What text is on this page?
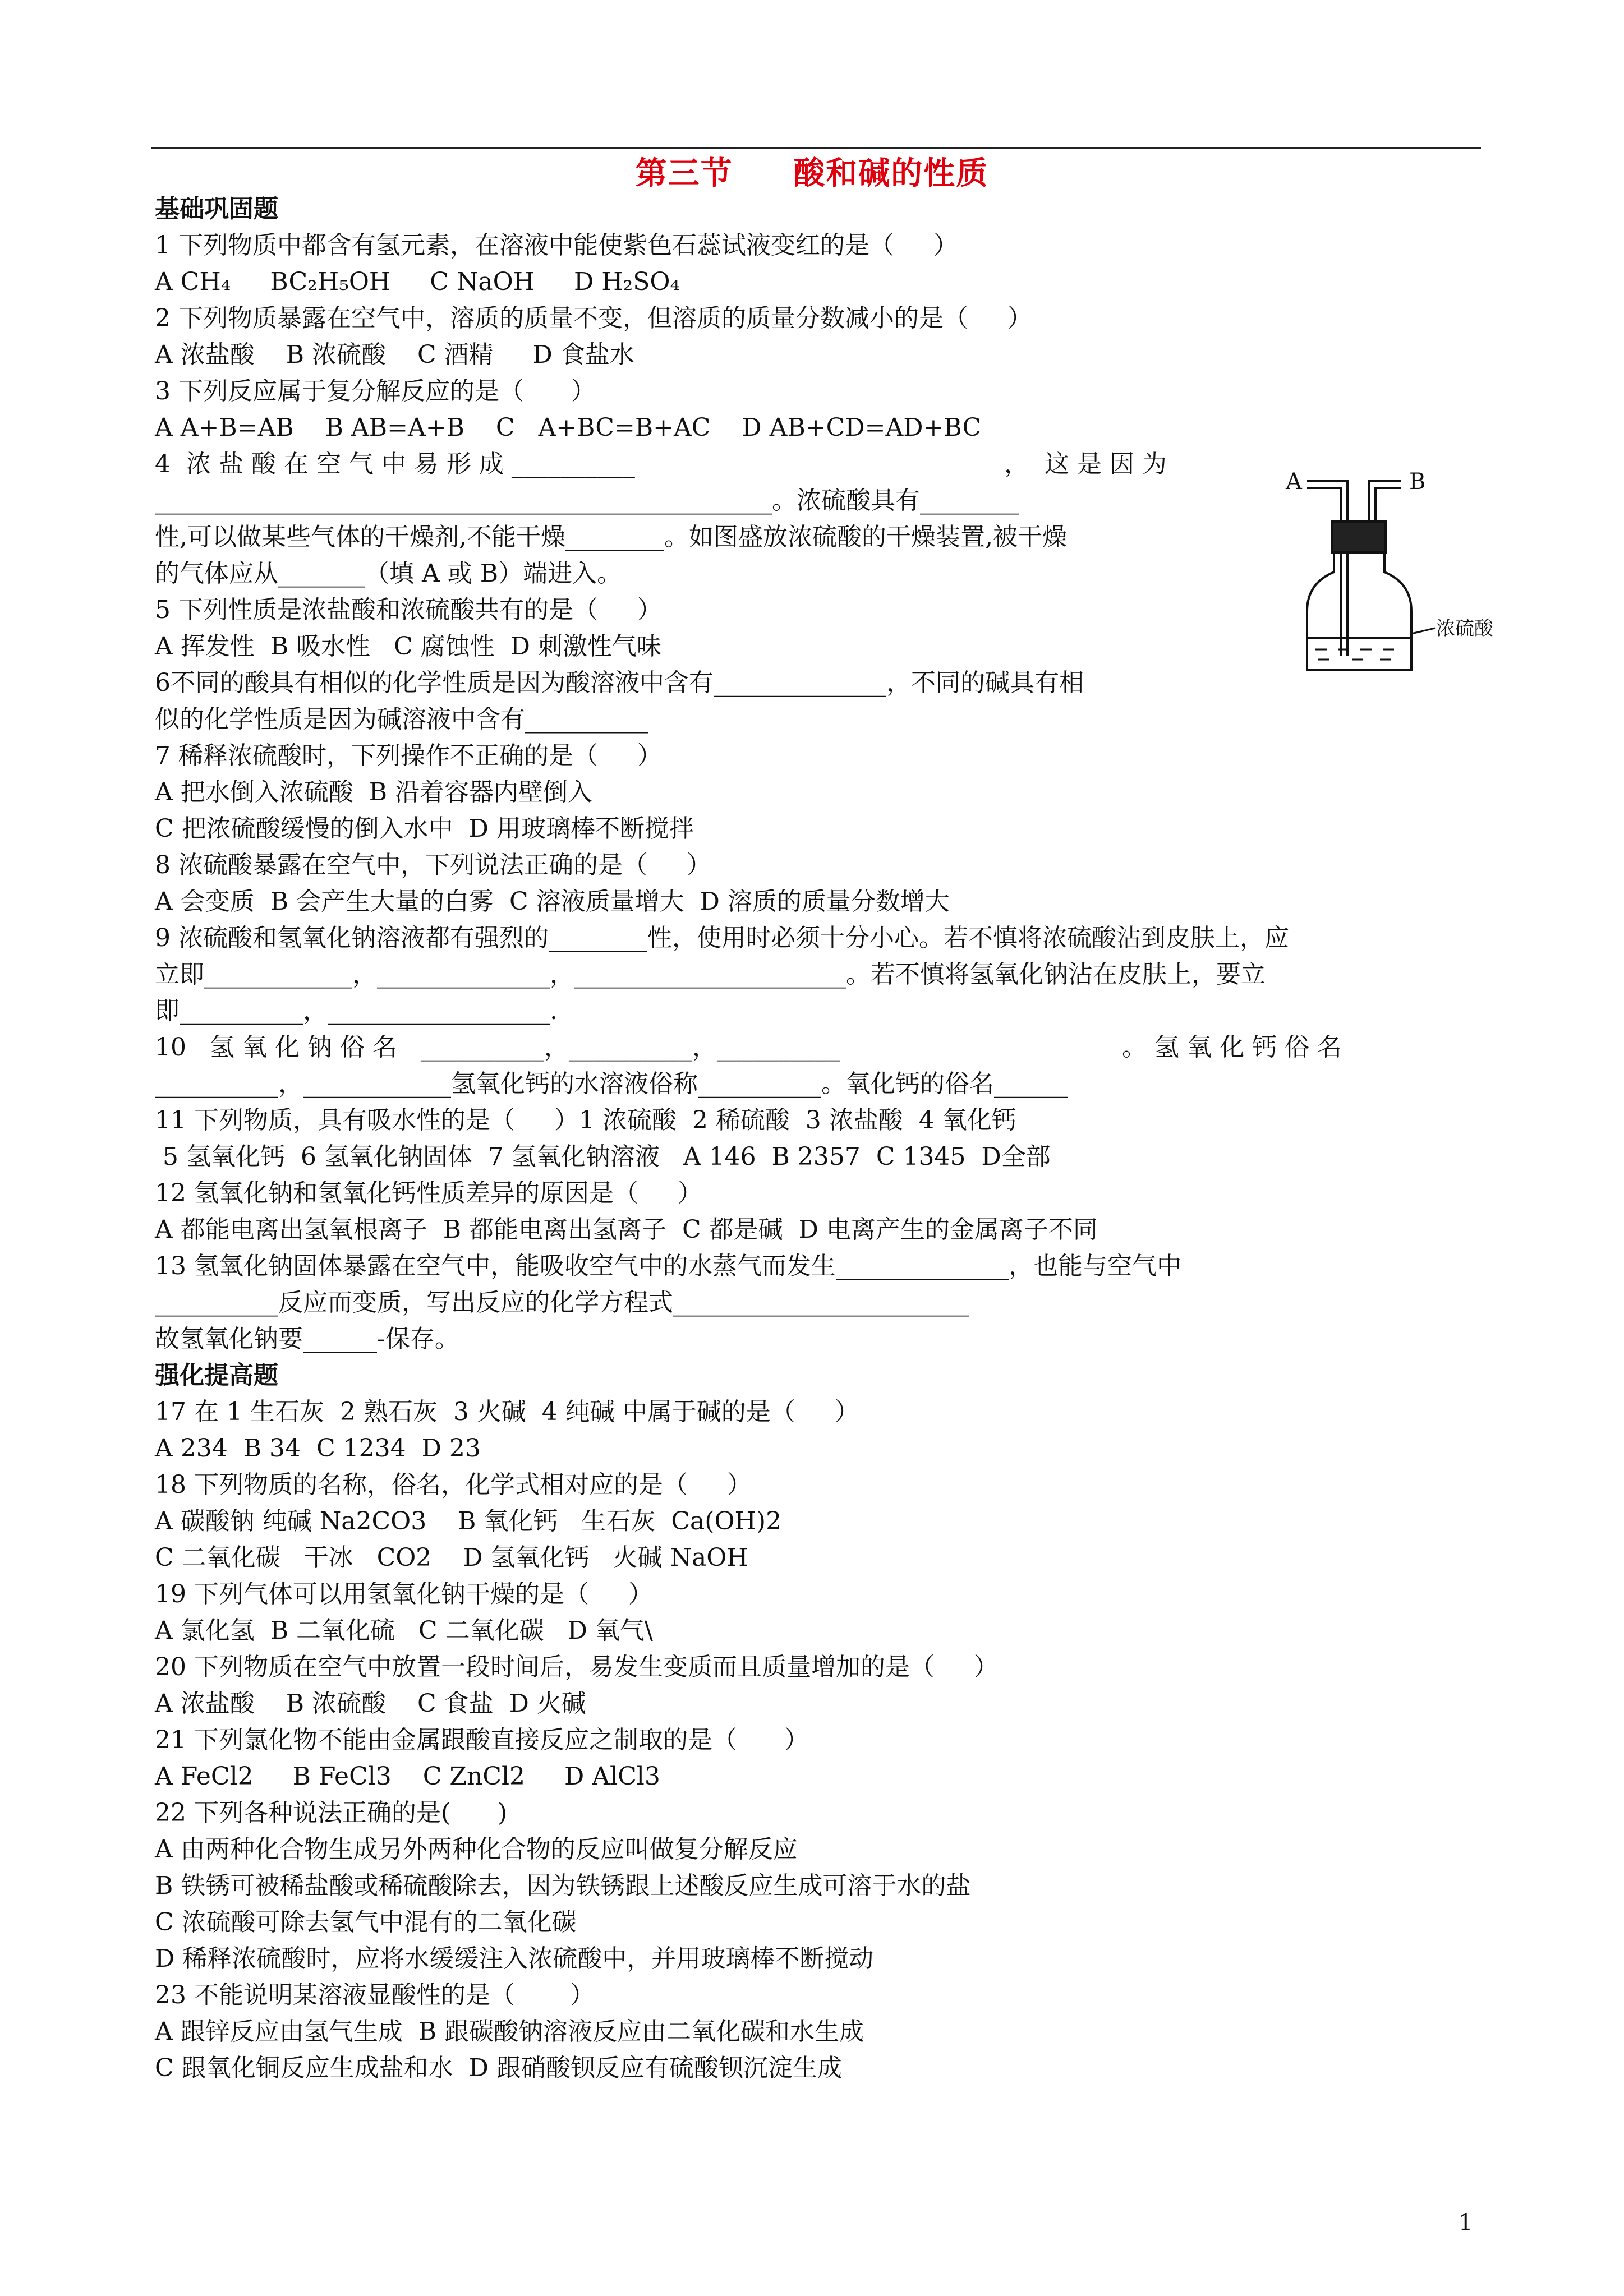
第三节     酸和碱的性质
基础巩固题
1 下列物质中都含有氢元素，在溶液中能使紫色石蕊试液变红的是（     ）
A CH₄     BC₂H₅OH     C NaOH     D H₂SO₄
2 下列物质暴露在空气中，溶质的质量不变，但溶质的质量分数减小的是（     ）
A 浓盐酸    B 浓硫酸    C 酒精     D 食盐水
3 下列反应属于复分解反应的是（      ）
A A+B=AB    B AB=A+B    C   A+BC=B+AC    D AB+CD=AD+BC
4  浓 盐 酸 在 空 气 中 易 形 成 __________	，  这 是 因 为
__________________________________________________。浓硫酸具有________
性,可以做某些气体的干燥剂,不能干燥________。如图盛放浓硫酸的干燥装置,被干燥
的气体应从_______（填 A 或 B）端进入。
5 下列性质是浓盐酸和浓硫酸共有的是（     ）
A 挥发性  B 吸水性   C 腐蚀性  D 刺激性气味
6不同的酸具有相似的化学性质是因为酸溶液中含有______________，不同的碱具有相
似的化学性质是因为碱溶液中含有__________
7 稀释浓硫酸时，下列操作不正确的是（     ）
A 把水倒入浓硫酸  B 沿着容器内壁倒入
C 把浓硫酸缓慢的倒入水中  D 用玻璃棒不断搅拌
8 浓硫酸暴露在空气中，下列说法正确的是（     ）
A 会变质  B 会产生大量的白雾  C 溶液质量增大  D 溶质的质量分数增大
9 浓硫酸和氢氧化钠溶液都有强烈的________性，使用时必须十分小心。若不慎将浓硫酸沾到皮肤上，应
立即____________，______________，______________________。若不慎将氢氧化钠沾在皮肤上，要立
即__________，__________________.
10   氢 氧 化 钠 俗 名   __________，__________，__________	。 氢 氧 化 钙 俗 名
__________，____________氢氧化钙的水溶液俗称__________。氧化钙的俗名______
11 下列物质，具有吸水性的是（     ）1 浓硫酸  2 稀硫酸  3 浓盐酸  4 氧化钙
5 氢氧化钙  6 氢氧化钠固体  7 氢氧化钠溶液   A 146  B 2357  C 1345  D全部
12 氢氧化钠和氢氧化钙性质差异的原因是（     ）
A 都能电离出氢氧根离子  B 都能电离出氢离子  C 都是碱  D 电离产生的金属离子不同
13 氢氧化钠固体暴露在空气中，能吸收空气中的水蒸气而发生______________，也能与空气中
__________反应而变质，写出反应的化学方程式________________________
故氢氧化钠要______-保存。
强化提高题
17 在 1 生石灰  2 熟石灰  3 火碱  4 纯碱 中属于碱的是（     ）
A 234  B 34  C 1234  D 23
18 下列物质的名称，俗名，化学式相对应的是（     ）
A 碳酸钠 纯碱 Na2CO3    B 氧化钙   生石灰  Ca(OH)2
C 二氧化碳   干冰   CO2    D 氢氧化钙   火碱 NaOH
19 下列气体可以用氢氧化钠干燥的是（     ）
A 氯化氢  B 二氧化硫   C 二氧化碳   D 氧气\
20 下列物质在空气中放置一段时间后，易发生变质而且质量增加的是（     ）
A 浓盐酸    B 浓硫酸    C 食盐  D 火碱
21 下列氯化物不能由金属跟酸直接反应之制取的是（      ）
A FeCl2     B FeCl3    C ZnCl2     D AlCl3
22 下列各种说法正确的是(      )
A 由两种化合物生成另外两种化合物的反应叫做复分解反应
B 铁锈可被稀盐酸或稀硫酸除去，因为铁锈跟上述酸反应生成可溶于水的盐
C 浓硫酸可除去氢气中混有的二氧化碳
D 稀释浓硫酸时，应将水缓缓注入浓硫酸中，并用玻璃棒不断搅动
23 不能说明某溶液显酸性的是（       ）
A 跟锌反应由氢气生成  B 跟碳酸钠溶液反应由二氧化碳和水生成
C 跟氧化铜反应生成盐和水  D 跟硝酸钡反应有硫酸钡沉淀生成
A	B
浓硫酸
1
